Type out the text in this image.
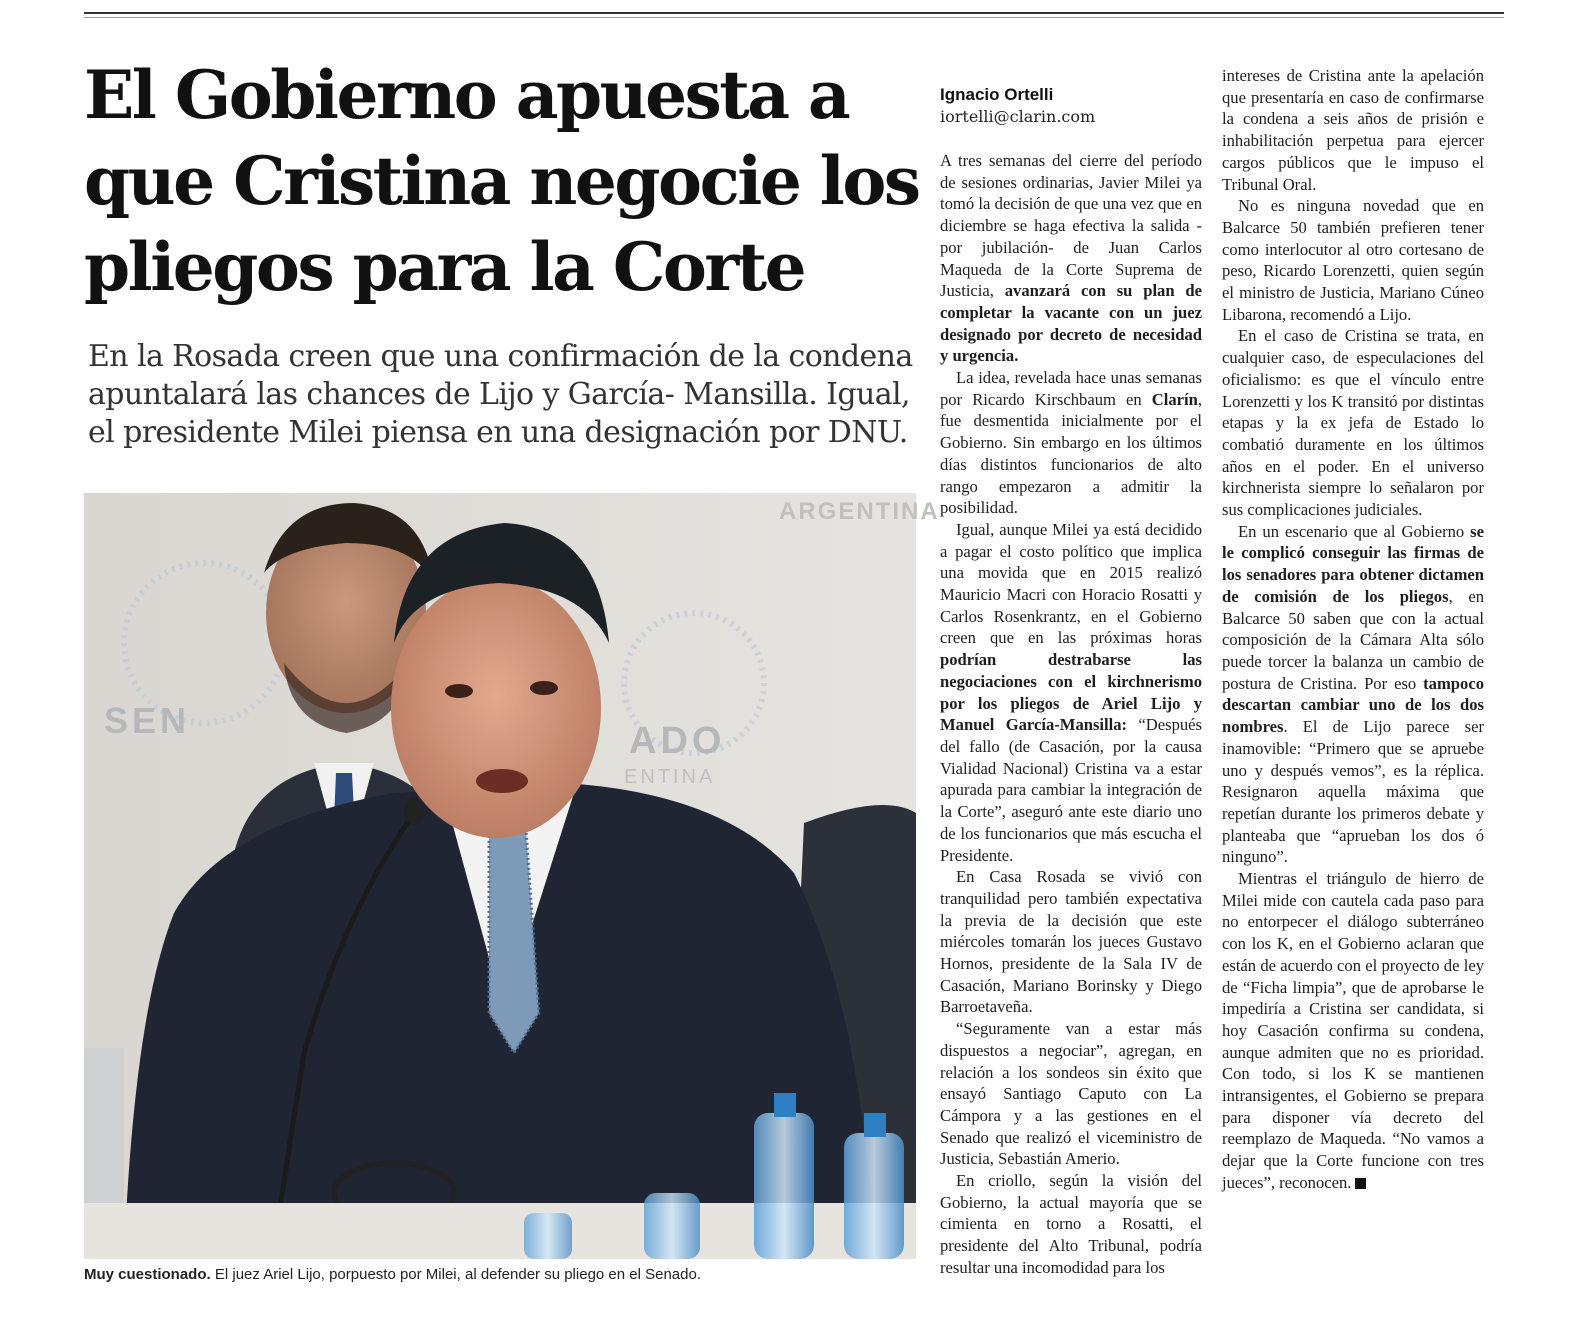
El Gobierno apuesta a que Cristina negocie los pliegos para la Corte

En la Rosada creen que una confirmación de la condena apuntalará las chances de Lijo y García- Mansilla. Igual, el presidente Milei piensa en una designación por DNU.

ARGENTINA
SEN	ADO
ENTINA
Muy cuestionado. El juez Ariel Lijo, porpuesto por Milei, al defender su pliego en el Senado.
Ignacio Ortelli
iortelli@clarin.com

A tres semanas del cierre del período de sesiones ordinarias, Javier Milei ya tomó la decisión de que una vez que en diciembre se haga efectiva la salida -por jubilación- de Juan Carlos Maqueda de la Corte Suprema de Justicia, avanzará con su plan de completar la vacante con un juez designado por decreto de necesidad y urgencia.

La idea, revelada hace unas semanas por Ricardo Kirschbaum en Clarín, fue desmentida inicialmente por el Gobierno. Sin embargo en los últimos días distintos funcionarios de alto rango empezaron a admitir la posibilidad.

Igual, aunque Milei ya está decidido a pagar el costo político que implica una movida que en 2015 realizó Mauricio Macri con Horacio Rosatti y Carlos Rosenkrantz, en el Gobierno creen que en las próximas horas podrían destrabarse las negociaciones con el kirchnerismo por los pliegos de Ariel Lijo y Manuel García-Mansilla: “Después del fallo (de Casación, por la causa Vialidad Nacional) Cristina va a estar apurada para cambiar la integración de la Corte”, aseguró ante este diario uno de los funcionarios que más escucha el Presidente.

En Casa Rosada se vivió con tranquilidad pero también expectativa la previa de la decisión que este miércoles tomarán los jueces Gustavo Hornos, presidente de la Sala IV de Casación, Mariano Borinsky y Diego Barroetaveña.

“Seguramente van a estar más dispuestos a negociar”, agregan, en relación a los sondeos sin éxito que ensayó Santiago Caputo con La Cámpora y a las gestiones en el Senado que realizó el viceministro de Justicia, Sebastián Amerio.

En criollo, según la visión del Gobierno, la actual mayoría que se cimienta en torno a Rosatti, el presidente del Alto Tribunal, podría resultar una incomodidad para los

intereses de Cristina ante la apelación que presentaría en caso de confirmarse la condena a seis años de prisión e inhabilitación perpetua para ejercer cargos públicos que le impuso el Tribunal Oral.

No es ninguna novedad que en Balcarce 50 también prefieren tener como interlocutor al otro cortesano de peso, Ricardo Lorenzetti, quien según el ministro de Justicia, Mariano Cúneo Libarona, recomendó a Lijo.

En el caso de Cristina se trata, en cualquier caso, de especulaciones del oficialismo: es que el vínculo entre Lorenzetti y los K transitó por distintas etapas y la ex jefa de Estado lo combatió duramente en los últimos años en el poder. En el universo kirchnerista siempre lo señalaron por sus complicaciones judiciales.

En un escenario que al Gobierno se le complicó conseguir las firmas de los senadores para obtener dictamen de comisión de los pliegos, en Balcarce 50 saben que con la actual composición de la Cámara Alta sólo puede torcer la balanza un cambio de postura de Cristina. Por eso tampoco descartan cambiar uno de los dos nombres. El de Lijo parece ser inamovible: “Primero que se apruebe uno y después vemos”, es la réplica. Resignaron aquella máxima que repetían durante los primeros debate y planteaba que “aprueban los dos ó ninguno”.

Mientras el triángulo de hierro de Milei mide con cautela cada paso para no entorpecer el diálogo subterráneo con los K, en el Gobierno aclaran que están de acuerdo con el proyecto de ley de “Ficha limpia”, que de aprobarse le impediría a Cristina ser candidata, si hoy Casación confirma su condena, aunque admiten que no es prioridad. Con todo, si los K se mantienen intransigentes, el Gobierno se prepara para disponer vía decreto del reemplazo de Maqueda. “No vamos a dejar que la Corte funcione con tres jueces”, reconocen.
